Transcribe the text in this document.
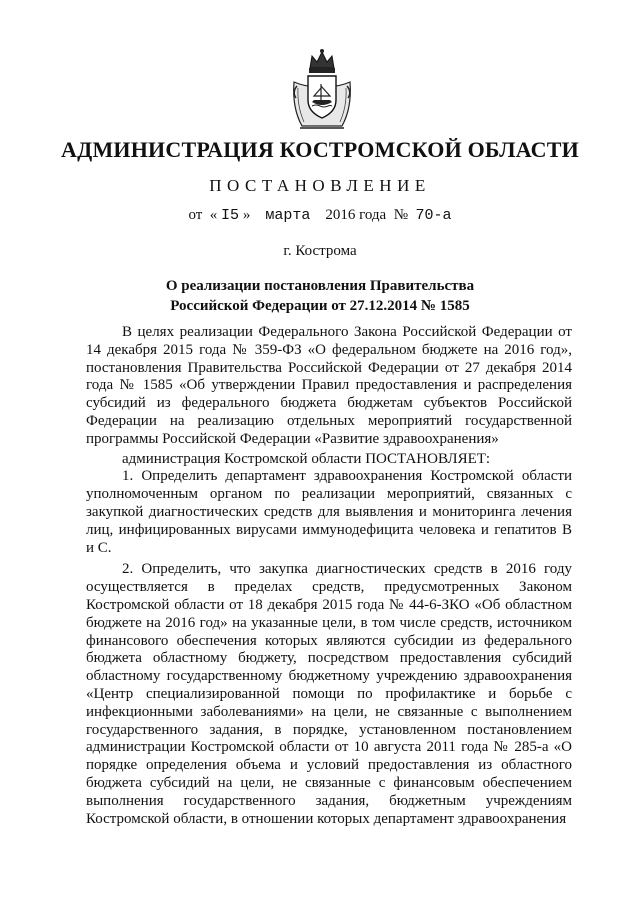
АДМИНИСТРАЦИЯ КОСТРОМСКОЙ ОБЛАСТИ
ПОСТАНОВЛЕНИЕ
от « I5 » марта 2016 года № 70-а
г. Кострома
О реализации постановления Правительства
Российской Федерации от 27.12.2014 № 1585

В целях реализации Федерального Закона Российской Федерации от 14 декабря 2015 года № 359-ФЗ «О федеральном бюджете на 2016 год», постановления Правительства Российской Федерации от 27 декабря 2014 года № 1585 «Об утверждении Правил предоставления и распределения субсидий из федерального бюджета бюджетам субъектов Российской Федерации на реализацию отдельных мероприятий государственной программы Российской Федерации «Развитие здравоохранения»

администрация Костромской области ПОСТАНОВЛЯЕТ:

1. Определить департамент здравоохранения Костромской области уполномоченным органом по реализации мероприятий, связанных с закупкой диагностических средств для выявления и мониторинга лечения лиц, инфицированных вирусами иммунодефицита человека и гепатитов В и С.

2. Определить, что закупка диагностических средств в 2016 году осуществляется в пределах средств, предусмотренных Законом Костромской области от 18 декабря 2015 года № 44-6-ЗКО «Об областном бюджете на 2016 год» на указанные цели, в том числе средств, источником финансового обеспечения которых являются субсидии из федерального бюджета областному бюджету, посредством предоставления субсидий областному государственному бюджетному учреждению здравоохранения «Центр специализированной помощи по профилактике и борьбе с инфекционными заболеваниями» на цели, не связанные с выполнением государственного задания, в порядке, установленном постановлением администрации Костромской области от 10 августа 2011 года № 285-а «О порядке определения объема и условий предоставления из областного бюджета субсидий на цели, не связанные с финансовым обеспечением выполнения государственного задания, бюджетным учреждениям Костромской области, в отношении которых департамент здравоохранения
